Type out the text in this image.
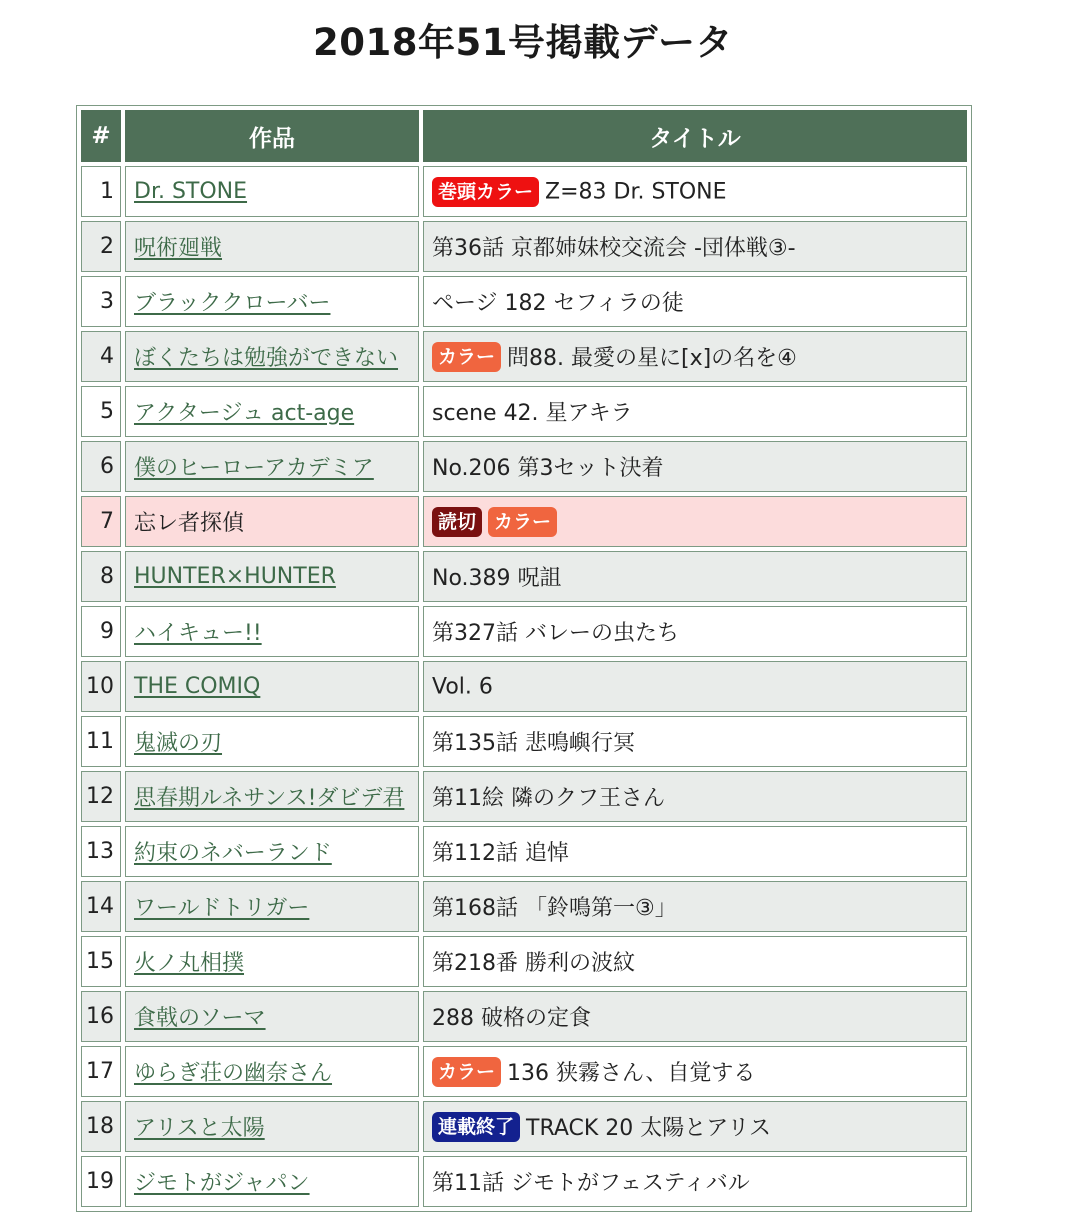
2018年51号掲載データ
#	作品	タイトル
1	Dr. STONE	巻頭カラー Z=83 Dr. STONE
2	呪術廻戦	第36話 京都姉妹校交流会 -団体戦③-
3	ブラッククローバー	ページ 182 セフィラの徒
4	ぼくたちは勉強ができない	カラー 問88. 最愛の星に[x]の名を④
5	アクタージュ act-age	scene 42. 星アキラ
6	僕のヒーローアカデミア	No.206 第3セット決着
7	忘レ者探偵	読切 カラー
8	HUNTER×HUNTER	No.389 呪詛
9	ハイキュー!!	第327話 バレーの虫たち
10	THE COMIQ	Vol. 6
11	鬼滅の刃	第135話 悲鳴嶼行冥
12	思春期ルネサンス!ダビデ君	第11絵 隣のクフ王さん
13	約束のネバーランド	第112話 追悼
14	ワールドトリガー	第168話 「鈴鳴第一③」
15	火ノ丸相撲	第218番 勝利の波紋
16	食戟のソーマ	288 破格の定食
17	ゆらぎ荘の幽奈さん	カラー 136 狭霧さん、自覚する
18	アリスと太陽	連載終了 TRACK 20 太陽とアリス
19	ジモトがジャパン	第11話 ジモトがフェスティバル
